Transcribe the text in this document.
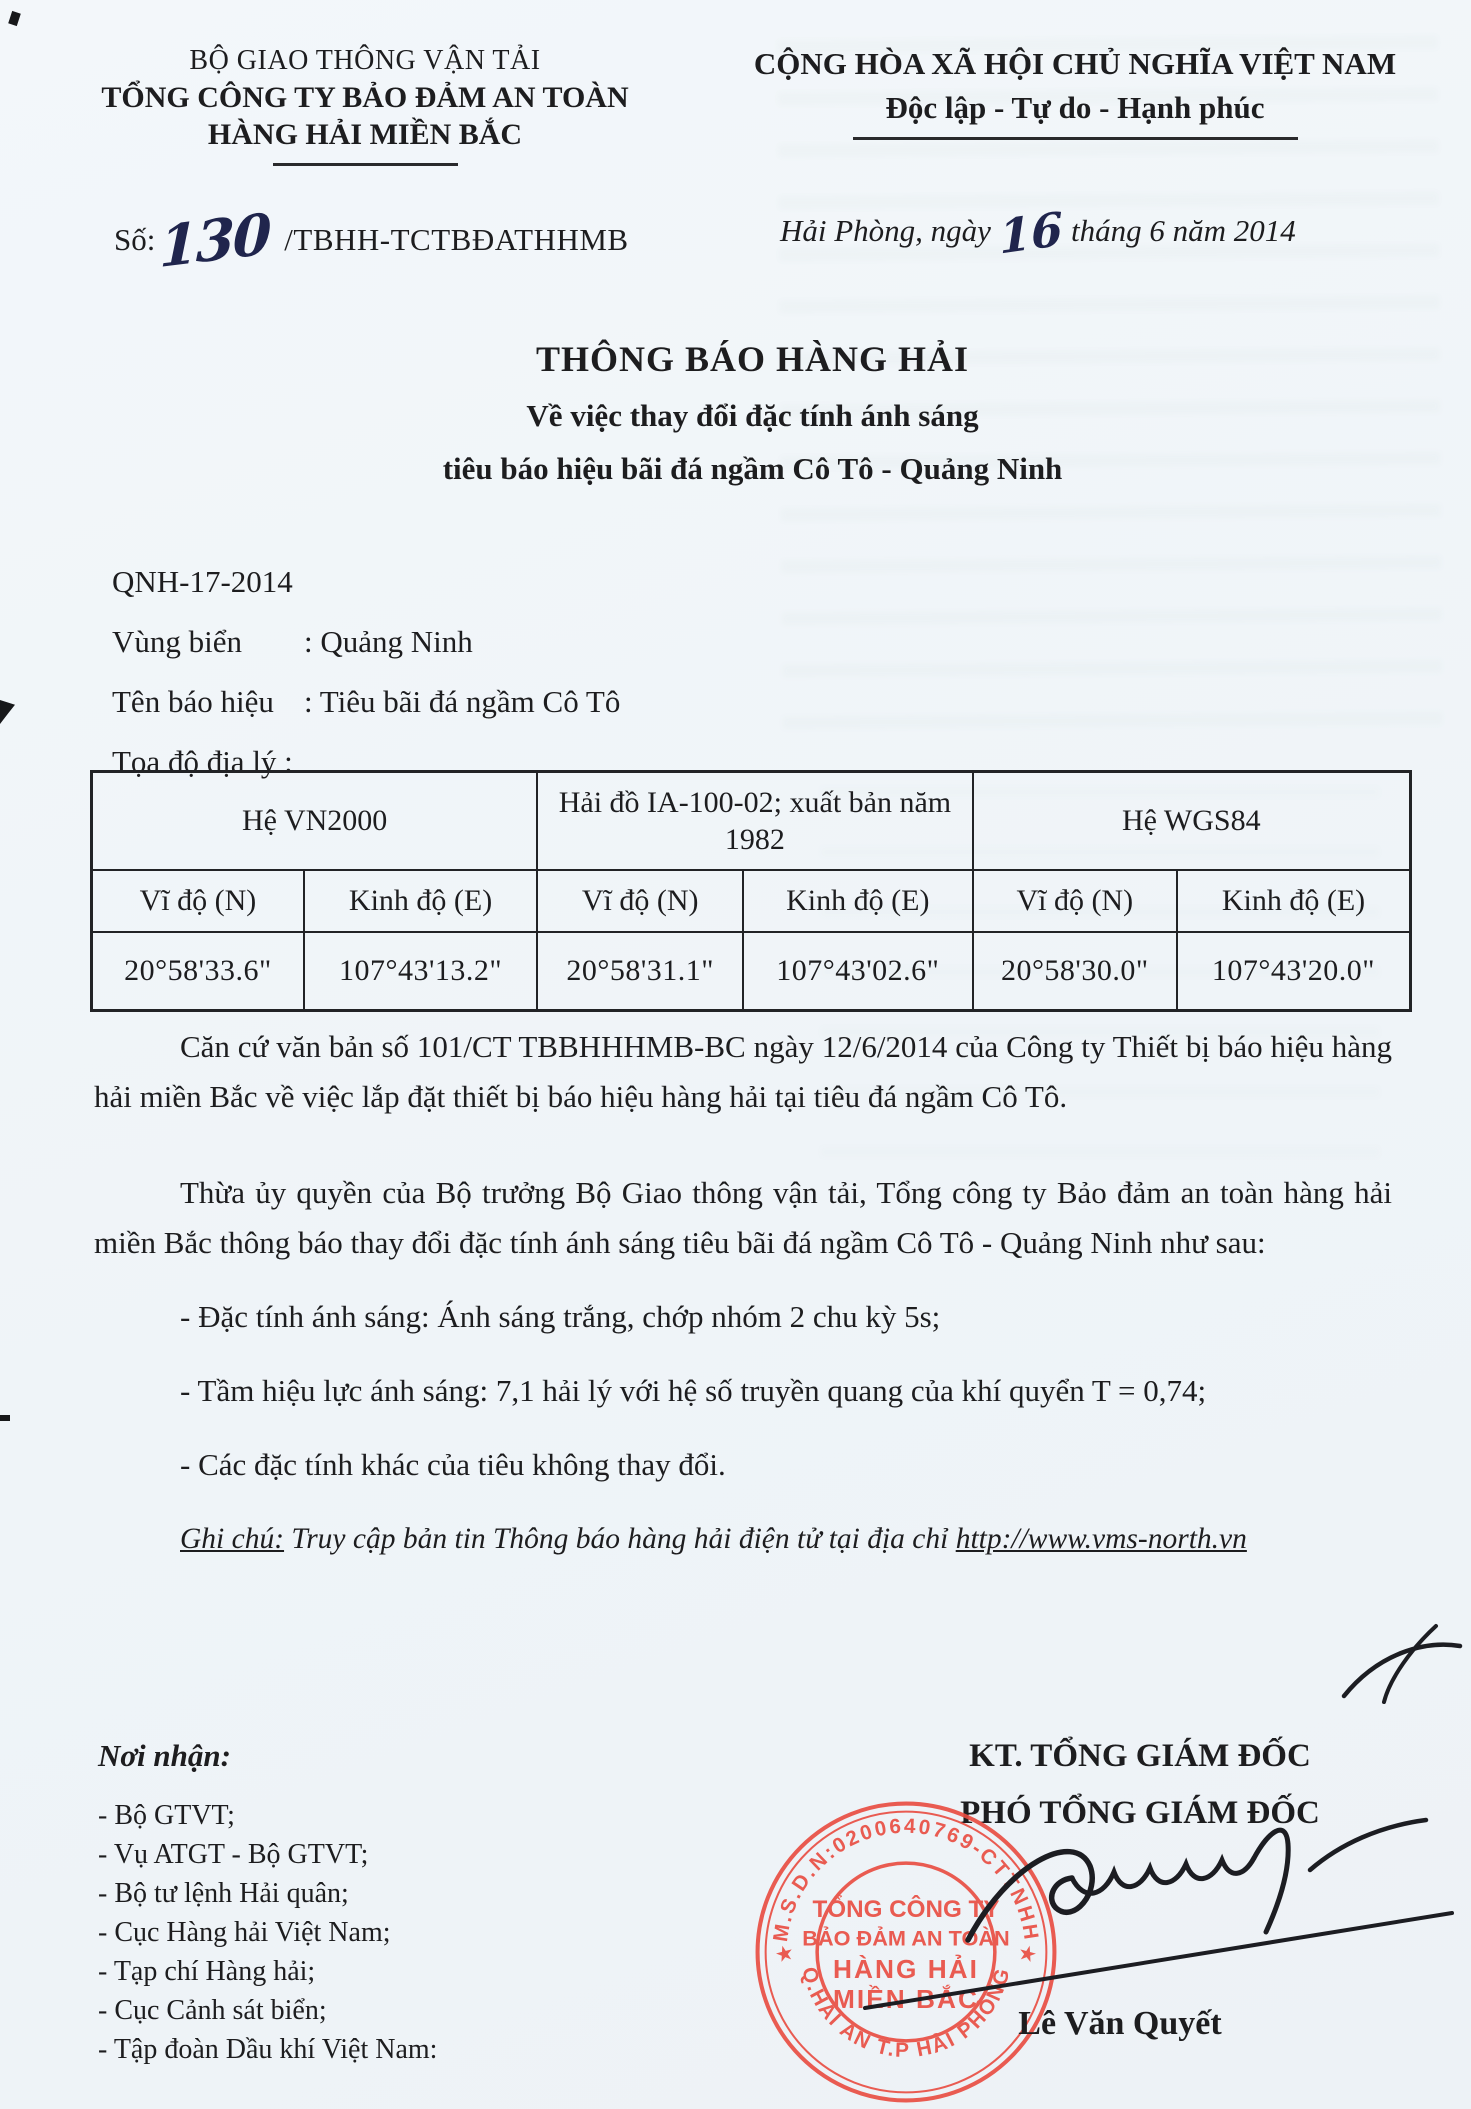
BỘ GIAO THÔNG VẬN TẢI
TỔNG CÔNG TY BẢO ĐẢM AN TOÀN
HÀNG HẢI MIỀN BẮC
CỘNG HÒA XÃ HỘI CHỦ NGHĨA VIỆT NAM
Độc lập - Tự do - Hạnh phúc
Số:130 /TBHH-TCTBĐATHHMB	Hải Phòng, ngày 16 tháng 6 năm 2014
THÔNG BÁO HÀNG HẢI
Về việc thay đổi đặc tính ánh sáng
tiêu báo hiệu bãi đá ngầm Cô Tô - Quảng Ninh
QNH-17-2014
Vùng biển : Quảng Ninh
Tên báo hiệu : Tiêu bãi đá ngầm Cô Tô
Tọa độ địa lý :
Hệ VN2000		Hải đồ IA-100-02; xuất bản năm 1982		Hệ WGS84	
Vĩ độ (N)	Kinh độ (E)	Vĩ độ (N)	Kinh độ (E)	Vĩ độ (N)	Kinh độ (E)
20°58'33.6"	107°43'13.2"	20°58'31.1"	107°43'02.6"	20°58'30.0"	107°43'20.0"

Căn cứ văn bản số 101/CT TBBHHHMB-BC ngày 12/6/2014 của Công ty Thiết bị báo hiệu hàng hải miền Bắc về việc lắp đặt thiết bị báo hiệu hàng hải tại tiêu đá ngầm Cô Tô.

Thừa ủy quyền của Bộ trưởng Bộ Giao thông vận tải, Tổng công ty Bảo đảm an toàn hàng hải miền Bắc thông báo thay đổi đặc tính ánh sáng tiêu bãi đá ngầm Cô Tô - Quảng Ninh như sau:

- Đặc tính ánh sáng: Ánh sáng trắng, chớp nhóm 2 chu kỳ 5s;

- Tầm hiệu lực ánh sáng: 7,1 hải lý với hệ số truyền quang của khí quyển T = 0,74;

- Các đặc tính khác của tiêu không thay đổi.

Ghi chú: Truy cập bản tin Thông báo hàng hải điện tử tại địa chỉ http://www.vms-north.vn
Nơi nhận:
- Bộ GTVT;
- Vụ ATGT - Bộ GTVT;
- Bộ tư lệnh Hải quân;
- Cục Hàng hải Việt Nam;
- Tạp chí Hàng hải;
- Cục Cảnh sát biển;
- Tập đoàn Dầu khí Việt Nam:
KT. TỔNG GIÁM ĐỐC
PHÓ TỔNG GIÁM ĐỐC
M.S.D.N:0200640769-CTTNHH
Q.HẢI AN T.P HẢI PHÒNG
★	★
TỔNG CÔNG TY
BẢO ĐẢM AN TOÀN
HÀNG HẢI
MIỀN BẮC
Lê Văn Quyết
